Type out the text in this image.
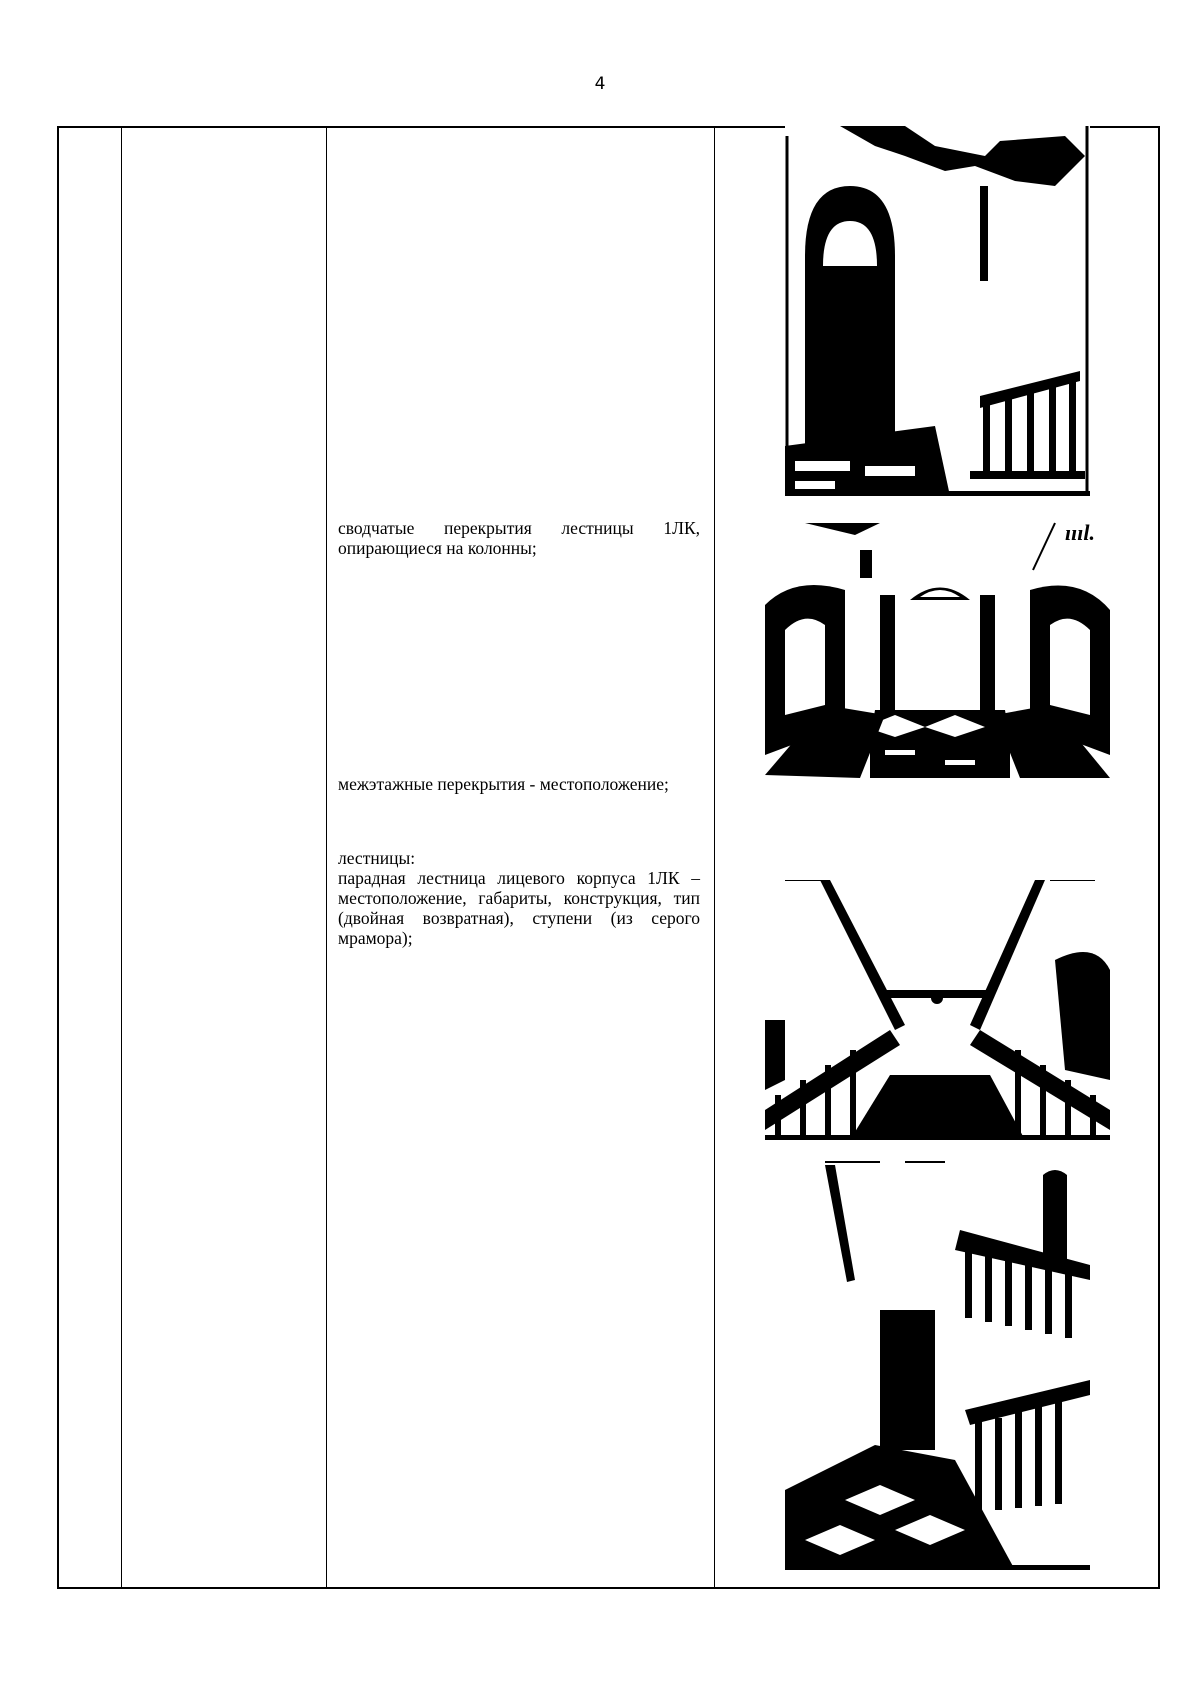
4

сводчатые перекрытия лестницы 1ЛК, опирающиеся на колонны;

межэтажные перекрытия - местоположение;

лестницы:

парадная лестница лицевого корпуса 1ЛК – местоположение, габариты, конструкция, тип (двойная возвратная), ступени (из серого мрамора);

ıııl.
